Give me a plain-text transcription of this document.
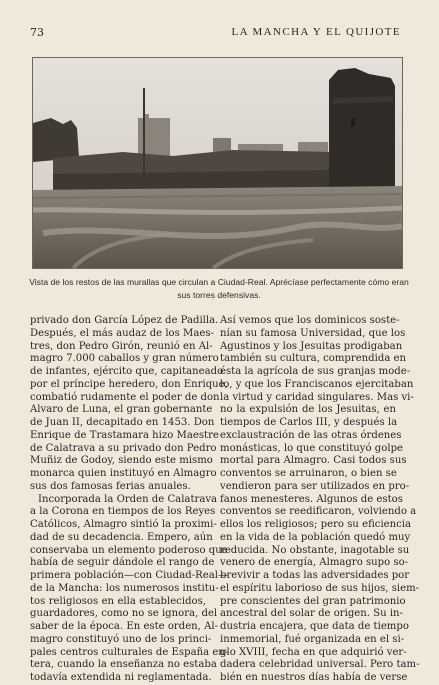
73	LA MANCHA Y EL QUIJOTE
Vista de los restos de las murallas que circulan a Ciudad-Real. Aprécíase perfectamente cómo eran
sus torres defensivas.
privado don García López de Padilla.
Después, el más audaz de los Maes-
tres, don Pedro Girón, reunió en Al-
magro 7.000 caballos y gran número
de infantes, ejército que, capitaneado
por el príncipe heredero, don Enrique,
combatió rudamente el poder de don
Alvaro de Luna, el gran gobernante
de Juan II, decapitado en 1453. Don
Enrique de Trastamara hizo Maestre
de Calatrava a su privado don Pedro
Muñiz de Godoy, siendo este mismo
monarca quien instituyó en Almagro
sus dos famosas ferias anuales.
Incorporada la Orden de Calatrava
a la Corona en tiempos de los Reyes
Católicos, Almagro sintió la proximi-
dad de su decadencia. Empero, aún
conservaba un elemento poderoso que
había de seguir dándole el rango de
primera población—con Ciudad-Real—
de la Mancha: los numerosos institu-
tos religiosos en ella establecidos,
guardadores, como no se ignora, del
saber de la época. En este orden, Al-
magro constituyó uno de los princi-
pales centros culturales de España en-
tera, cuando la enseñanza no estaba
todavía extendida ni reglamentada.
Así vemos que los dominicos soste-
nían su famosa Universidad, que los
Agustinos y los Jesuitas prodigaban
también su cultura, comprendida en
ésta la agrícola de sus granjas mode-
lo, y que los Franciscanos ejercitaban
la virtud y caridad singulares. Mas vi-
no la expulsión de los Jesuitas, en
tiempos de Carlos III, y después la
exclaustración de las otras órdenes
monásticas, lo que constituyó golpe
mortal para Almagro. Casi todos sus
conventos se arruinaron, o bien se
vendieron para ser utilizados en pro-
fanos menesteres. Algunos de estos
conventos se reedificaron, volviendo a
ellos los religiosos; pero su eficiencia
en la vida de la población quedó muy
reducida. No obstante, inagotable su
venero de energía, Almagro supo so-
brevivir a todas las adversidades por
el espíritu laborioso de sus hijos, siem-
pre conscientes del gran patrimonio
ancestral del solar de origen. Su in-
dustria encajera, que data de tiempo
inmemorial, fué organizada en el si-
glo XVIII, fecha en que adquirió ver-
dadera celebridad universal. Pero tam-
bién en nuestros días había de verse
